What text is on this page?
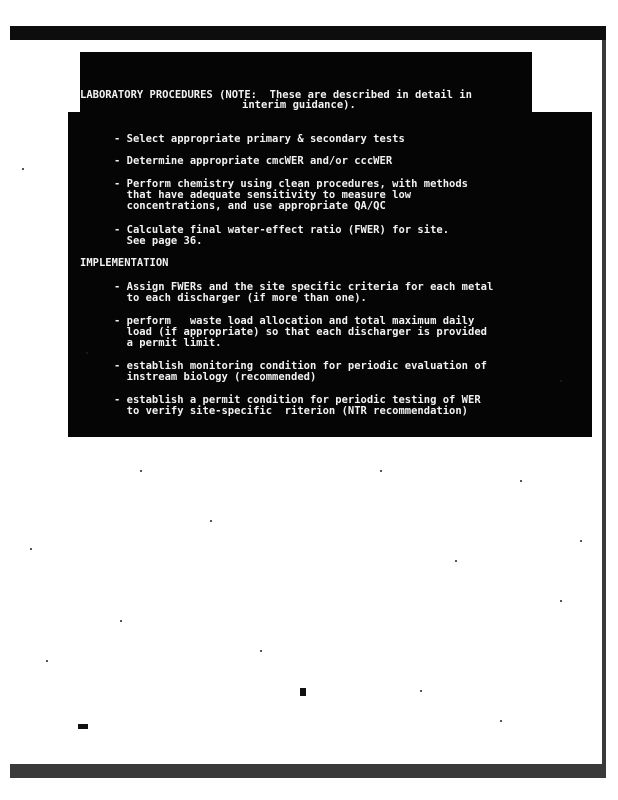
LABORATORY PROCEDURES (NOTE:  These are described in detail in
interim guidance).
- Select appropriate primary & secondary tests
- Determine appropriate cmcWER and/or cccWER
- Perform chemistry using clean procedures, with methods
that have adequate sensitivity to measure low
concentrations, and use appropriate QA/QC
- Calculate final water-effect ratio (FWER) for site.
See page 36.
IMPLEMENTATION
- Assign FWERs and the site specific criteria for each metal
to each discharger (if more than one).
- perform   waste load allocation and total maximum daily
load (if appropriate) so that each discharger is provided
a permit limit.
- establish monitoring condition for periodic evaluation of
instream biology (recommended)
- establish a permit condition for periodic testing of WER
to verify site-specific  riterion (NTR recommendation)
